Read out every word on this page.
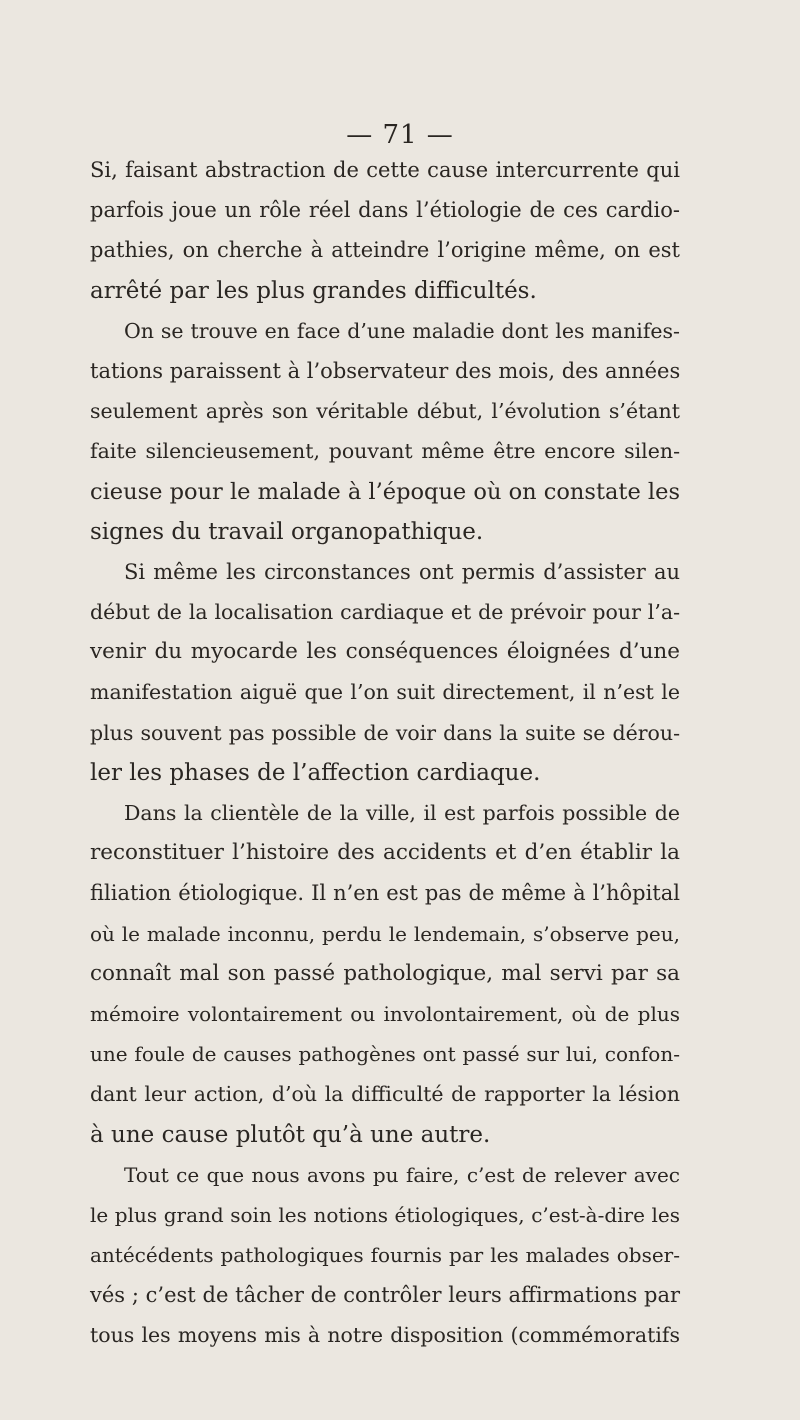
— 71 —
Si, faisant abstraction de cette cause intercurrente qui
parfois joue un rôle réel dans l’étiologie de ces cardio-
pathies, on cherche à atteindre l’origine même, on est
arrêté par les plus grandes difficultés.
On se trouve en face d’une maladie dont les manifes-
tations paraissent à l’observateur des mois, des années
seulement après son véritable début, l’évolution s’étant
faite silencieusement, pouvant même être encore silen-
cieuse pour le malade à l’époque où on constate les
signes du travail organopathique.
Si même les circonstances ont permis d’assister au
début de la localisation cardiaque et de prévoir pour l’a-
venir du myocarde les conséquences éloignées d’une
manifestation aiguë que l’on suit directement, il n’est le
plus souvent pas possible de voir dans la suite se dérou-
ler les phases de l’affection cardiaque.
Dans la clientèle de la ville, il est parfois possible de
reconstituer l’histoire des accidents et d’en établir la
filiation étiologique. Il n’en est pas de même à l’hôpital
où le malade inconnu, perdu le lendemain, s’observe peu,
connaît mal son passé pathologique, mal servi par sa
mémoire volontairement ou involontairement, où de plus
une foule de causes pathogènes ont passé sur lui, confon-
dant leur action, d’où la difficulté de rapporter la lésion
à une cause plutôt qu’à une autre.
Tout ce que nous avons pu faire, c’est de relever avec
le plus grand soin les notions étiologiques, c’est-à-dire les
antécédents pathologiques fournis par les malades obser-
vés ; c’est de tâcher de contrôler leurs affirmations par
tous les moyens mis à notre disposition (commémoratifs
